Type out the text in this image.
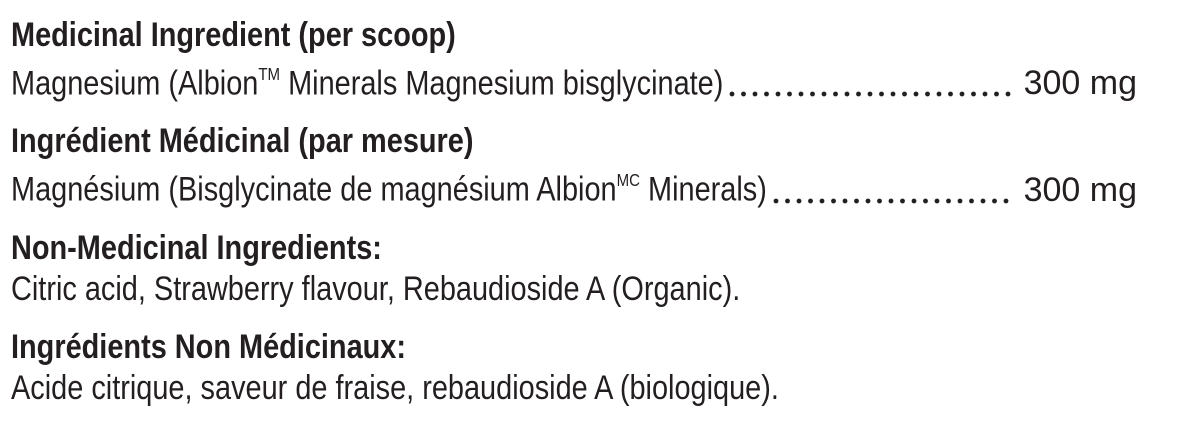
Medicinal Ingredient (per scoop)
Magnesium (Albion™ Minerals Magnesium bisglycinate)	300 mg
Ingrédient Médicinal (par mesure)
Magnésium (Bisglycinate de magnésium Albion$^{MC}$ Minerals)	300 mg
Non-Medicinal Ingredients:
Citric acid, Strawberry flavour, Rebaudioside A (Organic).
Ingrédients Non Médicinaux:
Acide citrique, saveur de fraise, rebaudioside A (biologique).
